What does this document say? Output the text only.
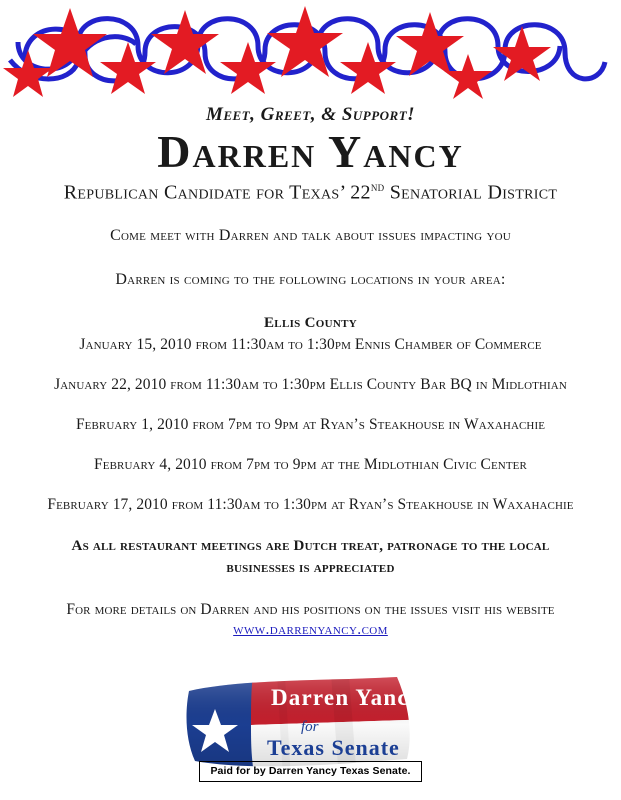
Meet, Greet, & Support!
Darren Yancy
Republican Candidate for Texas’ 22nd Senatorial District
Come meet with Darren and talk about issues impacting you
Darren is coming to the following locations in your area:
Ellis County
January 15, 2010 from 11:30am to 1:30pm Ennis Chamber of Commerce
January 22, 2010 from 11:30am to 1:30pm Ellis County Bar BQ in Midlothian
February 1, 2010 from 7pm to 9pm at Ryan’s Steakhouse in Waxahachie
February 4, 2010 from 7pm to 9pm at the Midlothian Civic Center
February 17, 2010 from 11:30am to 1:30pm at Ryan’s Steakhouse in Waxahachie
As all restaurant meetings are Dutch treat, patronage to the local businesses is appreciated
For more details on Darren and his positions on the issues visit his website
www.darrenyancy.com
Darren Yancy
for
Texas Senate
Paid for by Darren Yancy Texas Senate.
